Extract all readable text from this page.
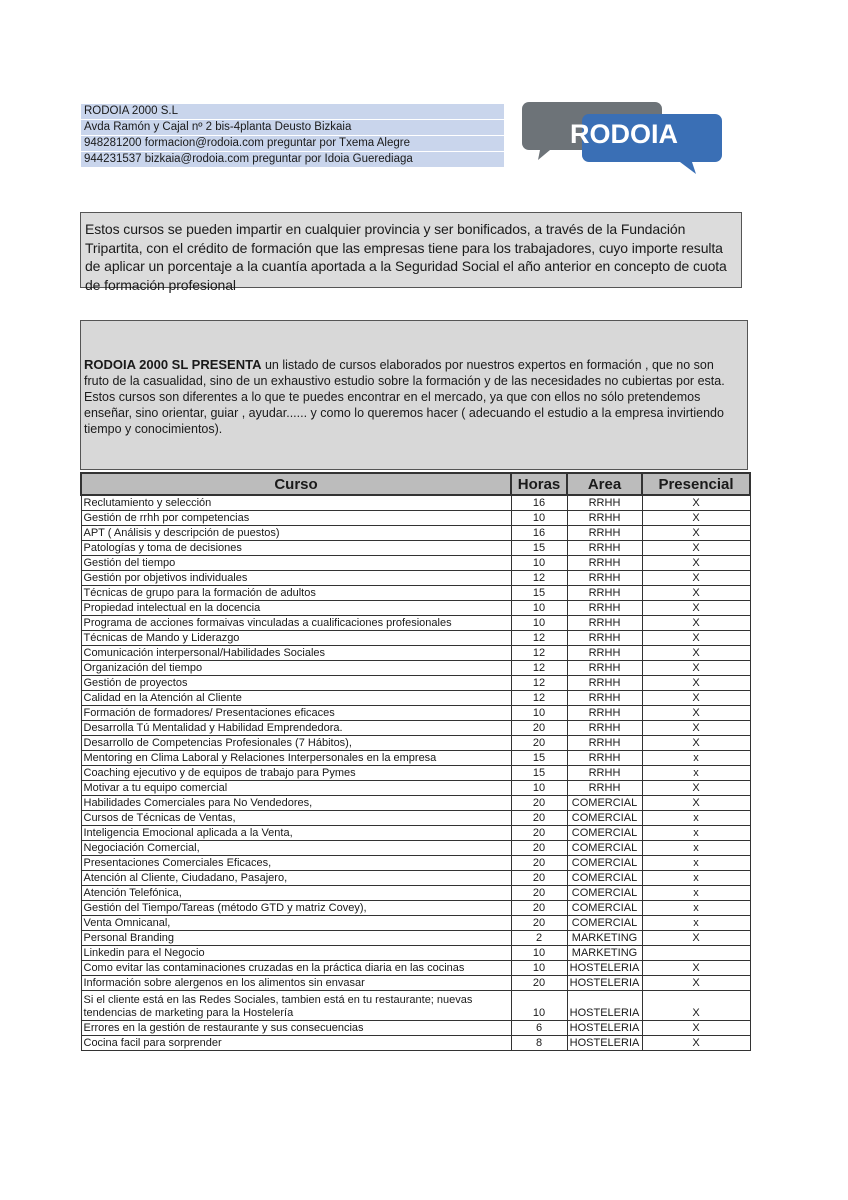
RODOIA 2000 S.L
Avda Ramón y Cajal nº 2 bis-4planta Deusto Bizkaia
948281200 formacion@rodoia.com preguntar por Txema Alegre
944231537 bizkaia@rodoia.com preguntar por Idoia Guerediaga
RODOIA
Estos cursos se pueden impartir en cualquier provincia y ser bonificados, a través de la Fundación Tripartita, con el crédito de formación que las empresas tiene para los trabajadores, cuyo importe resulta de aplicar un porcentaje a la cuantía aportada a la Seguridad Social el año anterior en concepto de cuota de formación profesional
RODOIA 2000 SL PRESENTA un listado de cursos elaborados por nuestros expertos en formación , que no son fruto de la casualidad, sino de un exhaustivo estudio sobre la formación y de las necesidades no cubiertas por esta. Estos cursos son diferentes a lo que te puedes encontrar en el mercado, ya que con ellos no sólo pretendemos enseñar, sino orientar, guiar , ayudar...... y como lo queremos hacer ( adecuando el estudio a la empresa invirtiendo tiempo y conocimientos).
Curso	Horas	Area	Presencial
Reclutamiento y selección	16	RRHH	X
Gestión de rrhh por competencias	10	RRHH	X
APT ( Análisis y descripción de puestos)	16	RRHH	X
Patologías y toma de decisiones	15	RRHH	X
Gestión del tiempo	10	RRHH	X
Gestión por objetivos individuales	12	RRHH	X
Técnicas de grupo para la formación de adultos	15	RRHH	X
Propiedad intelectual en la docencia	10	RRHH	X
Programa de acciones formaivas vinculadas a cualificaciones profesionales	10	RRHH	X
Técnicas de Mando y Liderazgo	12	RRHH	X
Comunicación interpersonal/Habilidades Sociales	12	RRHH	X
Organización del tiempo	12	RRHH	X
Gestión de proyectos	12	RRHH	X
Calidad en la Atención al Cliente	12	RRHH	X
Formación de formadores/ Presentaciones eficaces	10	RRHH	X
Desarrolla Tú Mentalidad y Habilidad Emprendedora.	20	RRHH	X
Desarrollo de Competencias Profesionales (7 Hábitos),	20	RRHH	X
Mentoring en Clima Laboral y Relaciones Interpersonales en la empresa	15	RRHH	x
Coaching ejecutivo y de equipos de trabajo para Pymes	15	RRHH	x
Motivar a tu equipo comercial	10	RRHH	X
Habilidades Comerciales para No Vendedores,	20	COMERCIAL	X
Cursos de Técnicas de Ventas,	20	COMERCIAL	x
Inteligencia Emocional aplicada a la Venta,	20	COMERCIAL	x
Negociación Comercial,	20	COMERCIAL	x
Presentaciones Comerciales Eficaces,	20	COMERCIAL	x
Atención al Cliente, Ciudadano, Pasajero,	20	COMERCIAL	x
Atención Telefónica,	20	COMERCIAL	x
Gestión del Tiempo/Tareas (método GTD y matriz Covey),	20	COMERCIAL	x
Venta Omnicanal,	20	COMERCIAL	x
Personal Branding	2	MARKETING	X
Linkedin para el Negocio	10	MARKETING	
Como evitar las contaminaciones cruzadas en la práctica diaria en las cocinas	10	HOSTELERIA	X
Información sobre alergenos en los alimentos sin envasar	20	HOSTELERIA	X
Si el cliente está en las Redes Sociales, tambien está en tu restaurante; nuevas tendencias de marketing para la Hostelería	10	HOSTELERIA	X
Errores en la gestión de restaurante y sus consecuencias	6	HOSTELERIA	X
Cocina facil para sorprender	8	HOSTELERIA	X
